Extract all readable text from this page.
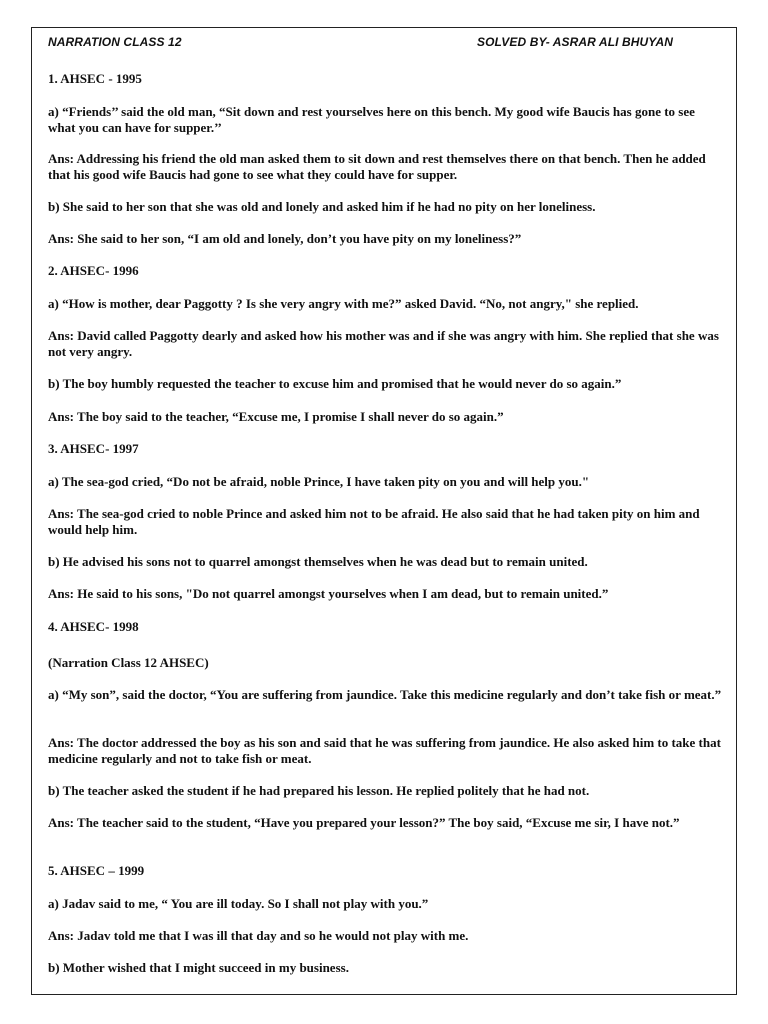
NARRATION CLASS 12	SOLVED BY- ASRAR ALI BHUYAN
1. AHSEC - 1995
a) “Friends’’ said the old man, “Sit down and rest yourselves here on this bench. My good wife Baucis has gone to see what you can have for supper.’’
Ans: Addressing his friend the old man asked them to sit down and rest themselves there on that bench. Then he added that his good wife Baucis had gone to see what they could have for supper.
b) She said to her son that she was old and lonely and asked him if he had no pity on her loneliness.
Ans: She said to her son, “I am old and lonely, don’t you have pity on my loneliness?”
2. AHSEC- 1996
a) “How is mother, dear Paggotty ? Is she very angry with me?” asked David. “No, not angry," she replied.
Ans: David called Paggotty dearly and asked how his mother was and if she was angry with him. She replied that she was not very angry.
b) The boy humbly requested the teacher to excuse him and promised that he would never do so again.”
Ans: The boy said to the teacher, “Excuse me, I promise I shall never do so again.”
3. AHSEC- 1997
a) The sea-god cried, “Do not be afraid, noble Prince, I have taken pity on you and will help you."
Ans: The sea-god cried to noble Prince and asked him not to be afraid. He also said that he had taken pity on him and would help him.
b) He advised his sons not to quarrel amongst themselves when he was dead but to remain united.
Ans: He said to his sons, "Do not quarrel amongst yourselves when I am dead, but to remain united.”
4. AHSEC- 1998
(Narration Class 12 AHSEC)
a) “My son”, said the doctor, “You are suffering from jaundice. Take this medicine regularly and don’t take fish or meat.”
Ans: The doctor addressed the boy as his son and said that he was suffering from jaundice. He also asked him to take that medicine regularly and not to take fish or meat.
b) The teacher asked the student if he had prepared his lesson. He replied politely that he had not.
Ans: The teacher said to the student, “Have you prepared your lesson?” The boy said, “Excuse me sir, I have not.”
5. AHSEC – 1999
a) Jadav said to me, “ You are ill today. So I shall not play with you.”
Ans: Jadav told me that I was ill that day and so he would not play with me.
b) Mother wished that I might succeed in my business.
